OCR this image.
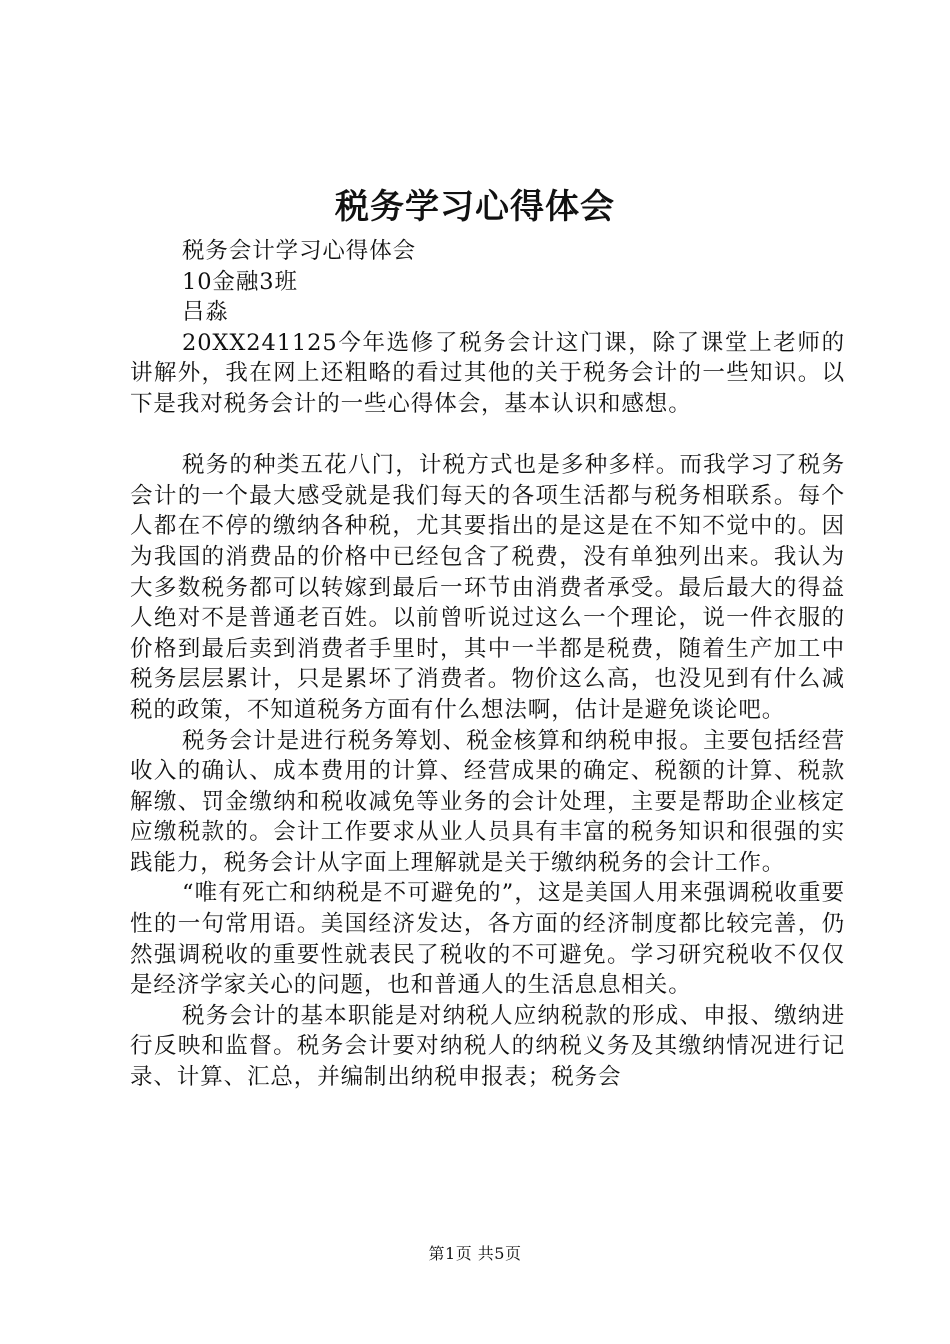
税务学习心得体会
税务会计学习心得体会
10金融3班
吕淼

20XX241125今年选修了税务会计这门课，除了课堂上老师的讲解外，我在网上还粗略的看过其他的关于税务会计的一些知识。以下是我对税务会计的一些心得体会，基本认识和感想。

税务的种类五花八门，计税方式也是多种多样。而我学习了税务会计的一个最大感受就是我们每天的各项生活都与税务相联系。每个人都在不停的缴纳各种税，尤其要指出的是这是在不知不觉中的。因为我国的消费品的价格中已经包含了税费，没有单独列出来。我认为大多数税务都可以转嫁到最后一环节由消费者承受。最后最大的得益人绝对不是普通老百姓。以前曾听说过这么一个理论，说一件衣服的价格到最后卖到消费者手里时，其中一半都是税费，随着生产加工中税务层层累计，只是累坏了消费者。物价这么高，也没见到有什么减税的政策，不知道税务方面有什么想法啊，估计是避免谈论吧。

税务会计是进行税务筹划、税金核算和纳税申报。主要包括经营收入的确认、成本费用的计算、经营成果的确定、税额的计算、税款解缴、罚金缴纳和税收减免等业务的会计处理，主要是帮助企业核定应缴税款的。会计工作要求从业人员具有丰富的税务知识和很强的实践能力，税务会计从字面上理解就是关于缴纳税务的会计工作。

“唯有死亡和纳税是不可避免的”，这是美国人用来强调税收重要性的一句常用语。美国经济发达，各方面的经济制度都比较完善，仍然强调税收的重要性就表民了税收的不可避免。学习研究税收不仅仅是经济学家关心的问题，也和普通人的生活息息相关。

税务会计的基本职能是对纳税人应纳税款的形成、申报、缴纳进行反映和监督。税务会计要对纳税人的纳税义务及其缴纳情况进行记录、计算、汇总，并编制出纳税申报表；税务会

第1页 共5页
